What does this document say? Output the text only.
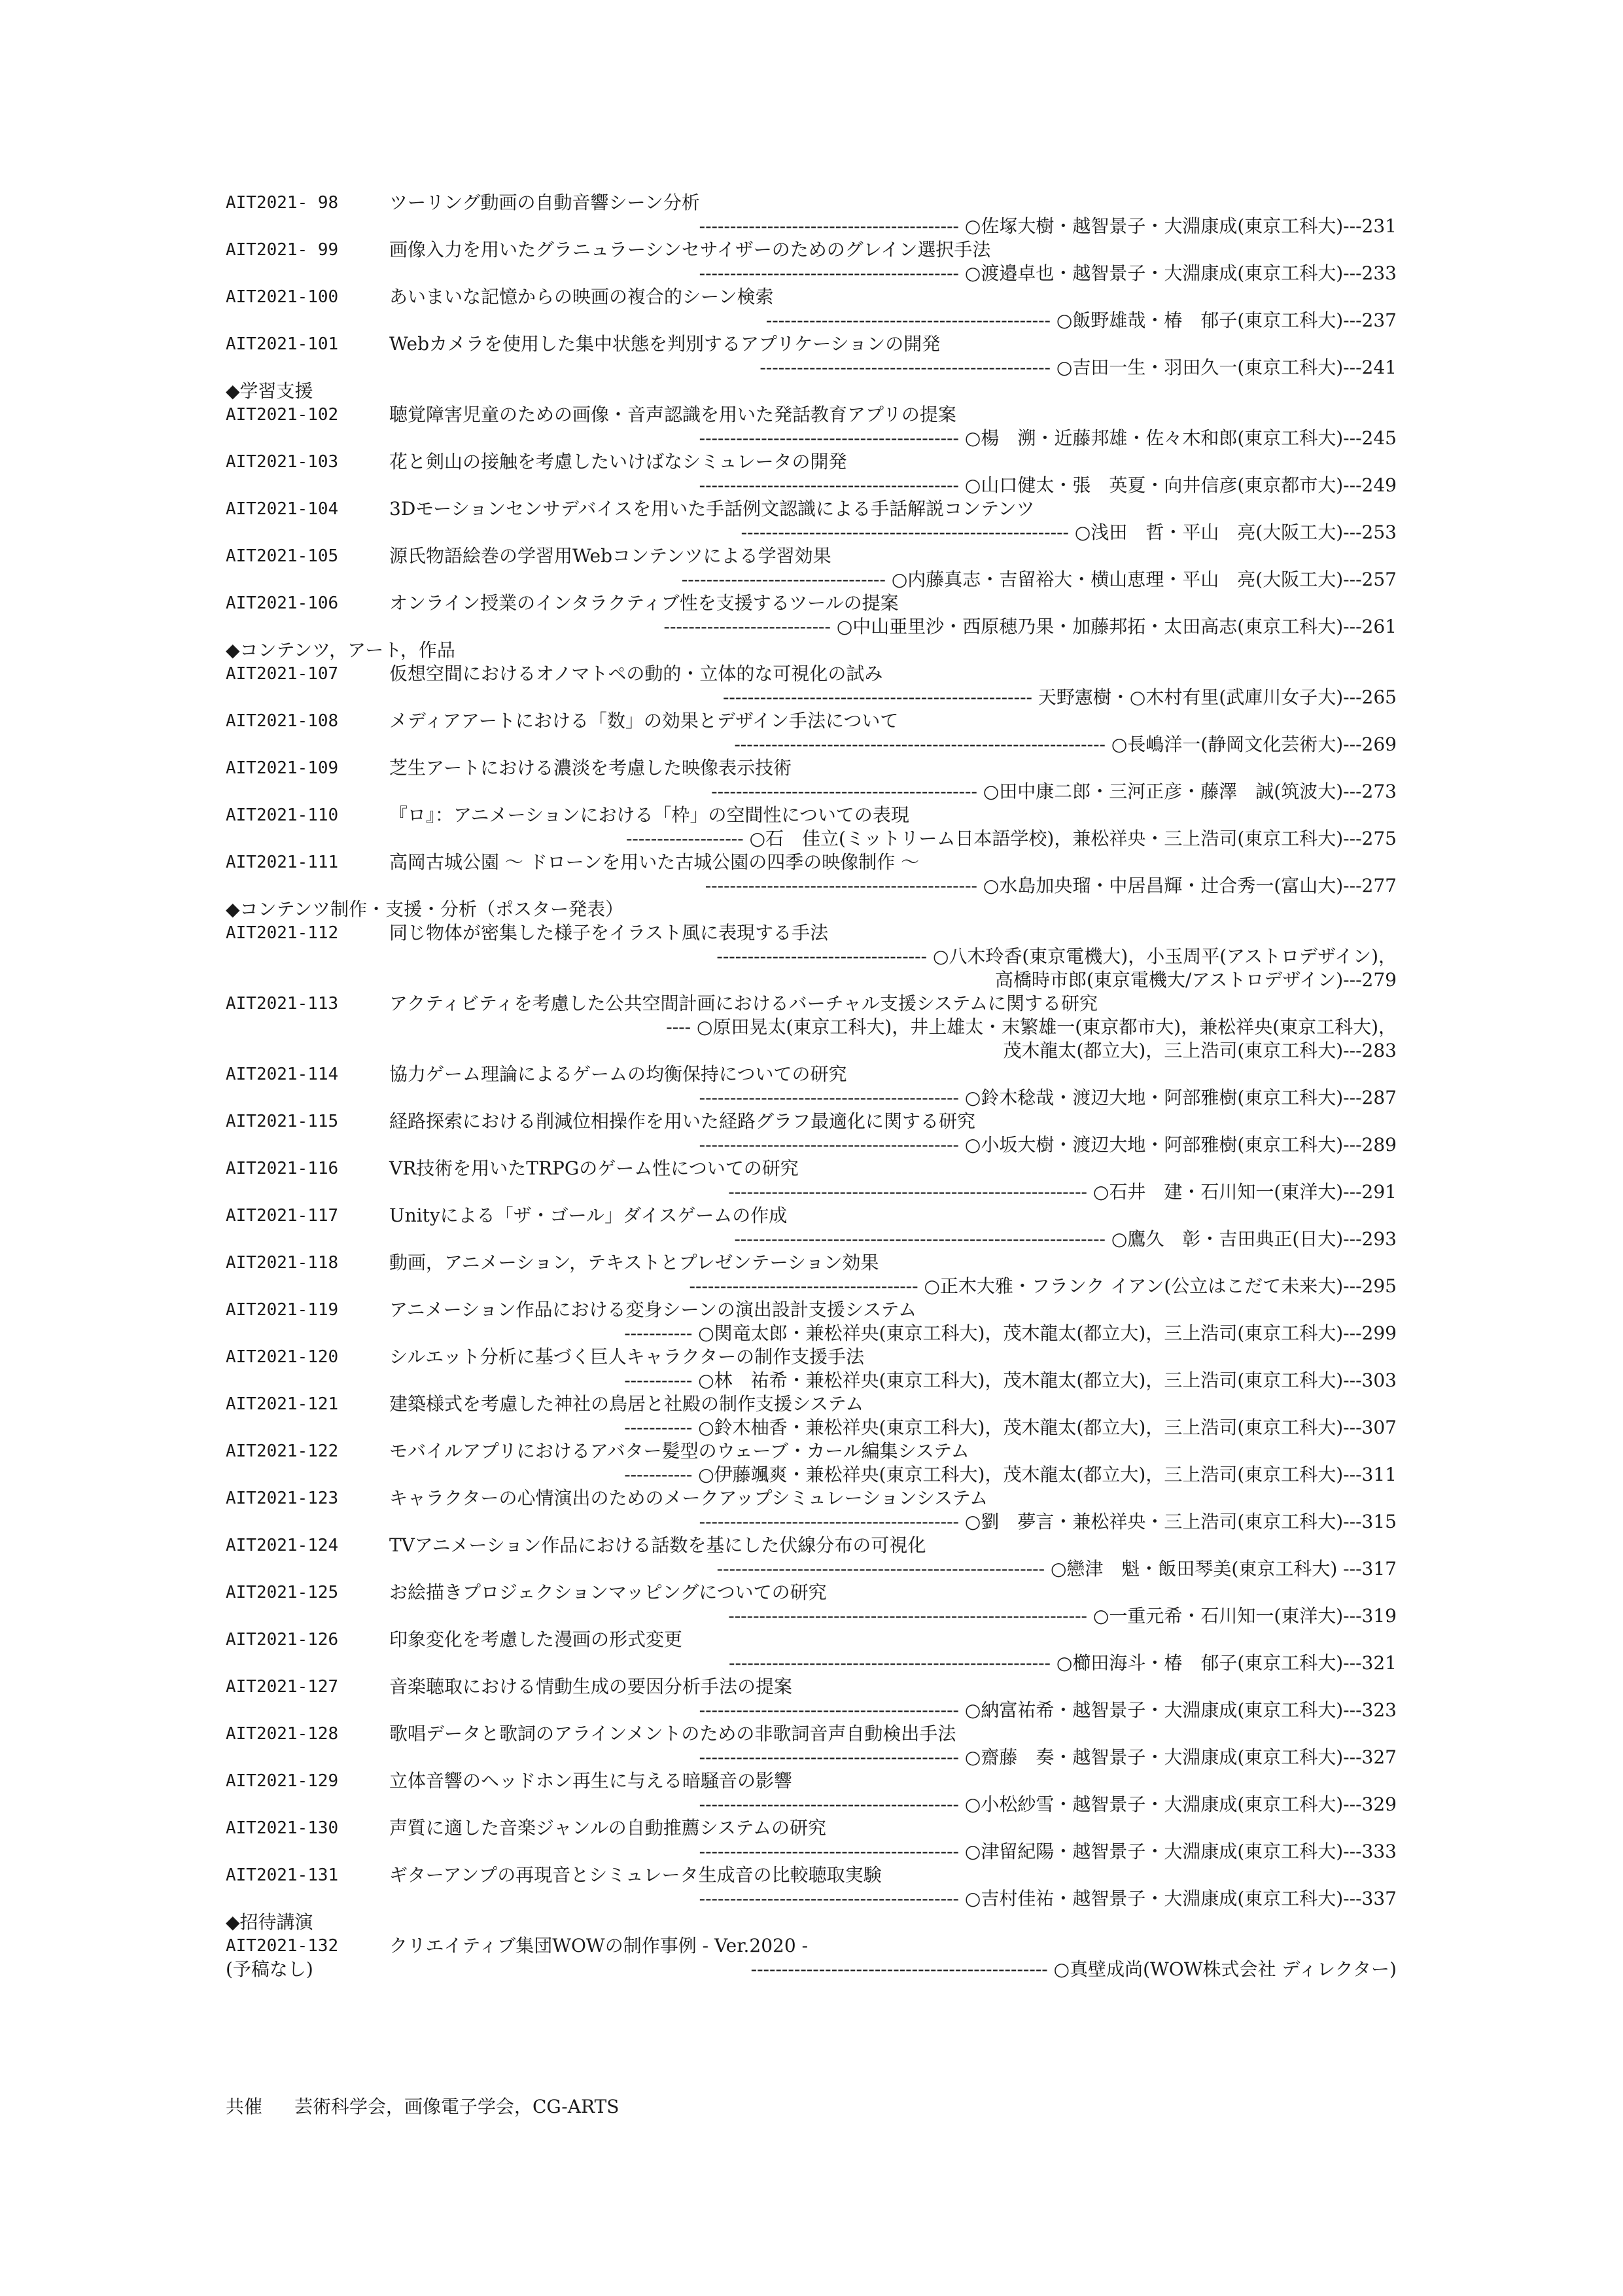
AIT2021- 98	ツーリング動画の自動音響シーン分析
------------------------------------------ ○佐塚大樹・越智景子・大淵康成(東京工科大)---231
AIT2021- 99	画像入力を用いたグラニュラーシンセサイザーのためのグレイン選択手法
------------------------------------------ ○渡邉卓也・越智景子・大淵康成(東京工科大)---233
AIT2021-100	あいまいな記憶からの映画の複合的シーン検索
---------------------------------------------- ○飯野雄哉・椿　郁子(東京工科大)---237
AIT2021-101	Webカメラを使用した集中状態を判別するアプリケーションの開発
----------------------------------------------- ○吉田一生・羽田久一(東京工科大)---241
◆学習支援
AIT2021-102	聴覚障害児童のための画像・音声認識を用いた発話教育アプリの提案
------------------------------------------ ○楊　溯・近藤邦雄・佐々木和郎(東京工科大)---245
AIT2021-103	花と剣山の接触を考慮したいけばなシミュレータの開発
------------------------------------------ ○山口健太・張　英夏・向井信彦(東京都市大)---249
AIT2021-104	3Dモーションセンサデバイスを用いた手話例文認識による手話解説コンテンツ
----------------------------------------------------- ○浅田　哲・平山　亮(大阪工大)---253
AIT2021-105	源氏物語絵巻の学習用Webコンテンツによる学習効果
--------------------------------- ○内藤真志・吉留裕大・横山恵理・平山　亮(大阪工大)---257
AIT2021-106	オンライン授業のインタラクティブ性を支援するツールの提案
--------------------------- ○中山亜里沙・西原穂乃果・加藤邦拓・太田高志(東京工科大)---261
◆コンテンツ，アート，作品
AIT2021-107	仮想空間におけるオノマトペの動的・立体的な可視化の試み
-------------------------------------------------- 天野憲樹・○木村有里(武庫川女子大)---265
AIT2021-108	メディアアートにおける「数」の効果とデザイン手法について
------------------------------------------------------------ ○長嶋洋一(静岡文化芸術大)---269
AIT2021-109	芝生アートにおける濃淡を考慮した映像表示技術
------------------------------------------- ○田中康二郎・三河正彦・藤澤　誠(筑波大)---273
AIT2021-110	『ロ』：アニメーションにおける「枠」の空間性についての表現
------------------- ○石　佳立(ミットリーム日本語学校)，兼松祥央・三上浩司(東京工科大)---275
AIT2021-111	高岡古城公園 ～ ドローンを用いた古城公園の四季の映像制作 ～
-------------------------------------------- ○水島加央瑠・中居昌輝・辻合秀一(富山大)---277
◆コンテンツ制作・支援・分析（ポスター発表）
AIT2021-112	同じ物体が密集した様子をイラスト風に表現する手法
---------------------------------- ○八木玲香(東京電機大)，小玉周平(アストロデザイン)，
高橋時市郎(東京電機大/アストロデザイン)---279
AIT2021-113	アクティビティを考慮した公共空間計画におけるバーチャル支援システムに関する研究
---- ○原田晃太(東京工科大)，井上雄太・末繁雄一(東京都市大)，兼松祥央(東京工科大)，
茂木龍太(都立大)，三上浩司(東京工科大)---283
AIT2021-114	協力ゲーム理論によるゲームの均衡保持についての研究
------------------------------------------ ○鈴木稔哉・渡辺大地・阿部雅樹(東京工科大)---287
AIT2021-115	経路探索における削減位相操作を用いた経路グラフ最適化に関する研究
------------------------------------------ ○小坂大樹・渡辺大地・阿部雅樹(東京工科大)---289
AIT2021-116	VR技術を用いたTRPGのゲーム性についての研究
---------------------------------------------------------- ○石井　建・石川知一(東洋大)---291
AIT2021-117	Unityによる「ザ・ゴール」ダイスゲームの作成
------------------------------------------------------------ ○鷹久　彰・吉田典正(日大)---293
AIT2021-118	動画，アニメーション，テキストとプレゼンテーション効果
------------------------------------- ○正木大雅・フランク イアン(公立はこだて未来大)---295
AIT2021-119	アニメーション作品における変身シーンの演出設計支援システム
----------- ○関竜太郎・兼松祥央(東京工科大)，茂木龍太(都立大)，三上浩司(東京工科大)---299
AIT2021-120	シルエット分析に基づく巨人キャラクターの制作支援手法
----------- ○林　祐希・兼松祥央(東京工科大)，茂木龍太(都立大)，三上浩司(東京工科大)---303
AIT2021-121	建築様式を考慮した神社の鳥居と社殿の制作支援システム
----------- ○鈴木柚香・兼松祥央(東京工科大)，茂木龍太(都立大)，三上浩司(東京工科大)---307
AIT2021-122	モバイルアプリにおけるアバター髪型のウェーブ・カール編集システム
----------- ○伊藤颯爽・兼松祥央(東京工科大)，茂木龍太(都立大)，三上浩司(東京工科大)---311
AIT2021-123	キャラクターの心情演出のためのメークアップシミュレーションシステム
------------------------------------------ ○劉　夢言・兼松祥央・三上浩司(東京工科大)---315
AIT2021-124	TVアニメーション作品における話数を基にした伏線分布の可視化
----------------------------------------------------- ○戀津　魁・飯田琴美(東京工科大) ---317
AIT2021-125	お絵描きプロジェクションマッピングについての研究
---------------------------------------------------------- ○一重元希・石川知一(東洋大)---319
AIT2021-126	印象変化を考慮した漫画の形式変更
---------------------------------------------------- ○櫛田海斗・椿　郁子(東京工科大)---321
AIT2021-127	音楽聴取における情動生成の要因分析手法の提案
------------------------------------------ ○納富祐希・越智景子・大淵康成(東京工科大)---323
AIT2021-128	歌唱データと歌詞のアラインメントのための非歌詞音声自動検出手法
------------------------------------------ ○齋藤　奏・越智景子・大淵康成(東京工科大)---327
AIT2021-129	立体音響のヘッドホン再生に与える暗騒音の影響
------------------------------------------ ○小松紗雪・越智景子・大淵康成(東京工科大)---329
AIT2021-130	声質に適した音楽ジャンルの自動推薦システムの研究
------------------------------------------ ○津留紀陽・越智景子・大淵康成(東京工科大)---333
AIT2021-131	ギターアンプの再現音とシミュレータ生成音の比較聴取実験
------------------------------------------ ○吉村佳祐・越智景子・大淵康成(東京工科大)---337
◆招待講演
AIT2021-132	クリエイティブ集団WOWの制作事例 - Ver.2020 -
(予稿なし)	------------------------------------------------ ○真壁成尚(WOW株式会社 ディレクター)
共催 芸術科学会，画像電子学会，CG-ARTS
